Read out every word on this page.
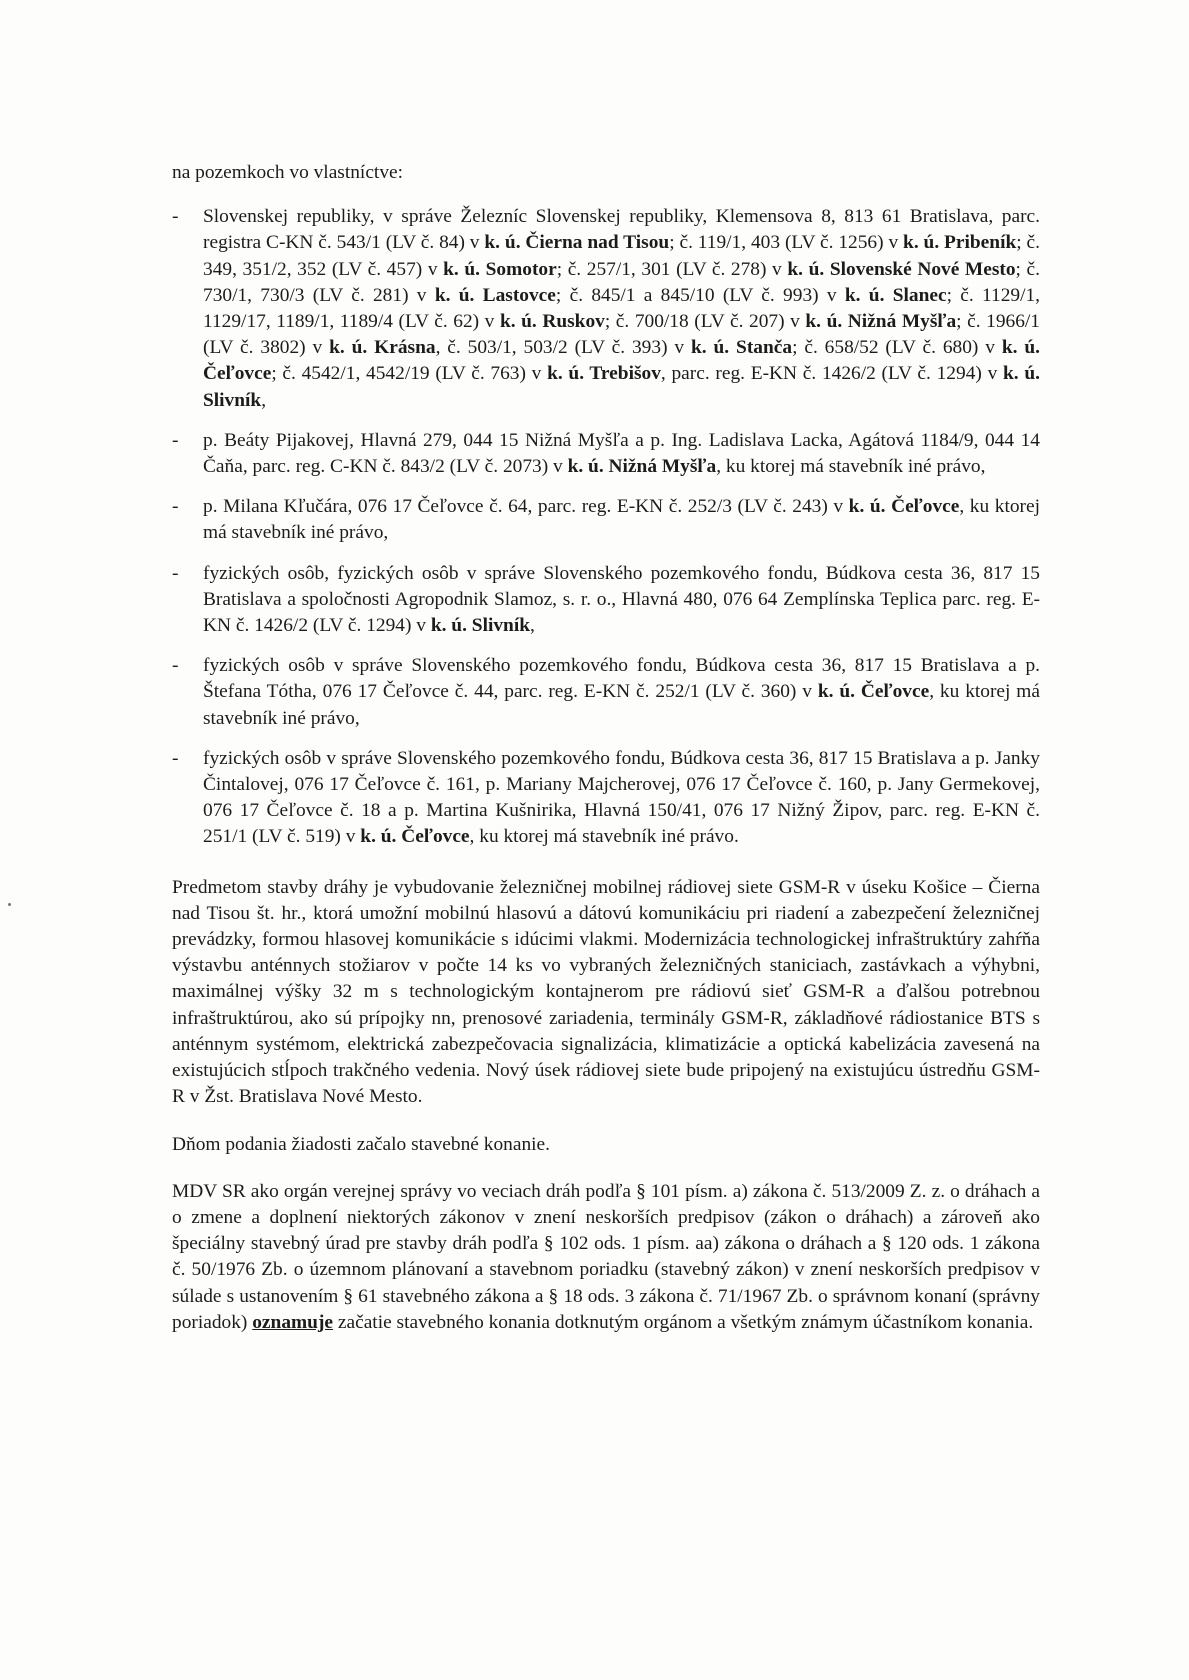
na pozemkoch vo vlastníctve:

- Slovenskej republiky, v správe Železníc Slovenskej republiky, Klemensova 8, 813 61 Bratislava, parc. registra C-KN č. 543/1 (LV č. 84) v k. ú. Čierna nad Tisou; č. 119/1, 403 (LV č. 1256) v k. ú. Pribeník; č. 349, 351/2, 352 (LV č. 457) v k. ú. Somotor; č. 257/1, 301 (LV č. 278) v k. ú. Slovenské Nové Mesto; č. 730/1, 730/3 (LV č. 281) v k. ú. Lastovce; č. 845/1 a 845/10 (LV č. 993) v k. ú. Slanec; č. 1129/1, 1129/17, 1189/1, 1189/4 (LV č. 62) v k. ú. Ruskov; č. 700/18 (LV č. 207) v k. ú. Nižná Myšľa; č. 1966/1 (LV č. 3802) v k. ú. Krásna, č. 503/1, 503/2 (LV č. 393) v k. ú. Stanča; č. 658/52 (LV č. 680) v k. ú. Čeľovce; č. 4542/1, 4542/19 (LV č. 763) v k. ú. Trebišov, parc. reg. E-KN č. 1426/2 (LV č. 1294) v k. ú. Slivník,
- p. Beáty Pijakovej, Hlavná 279, 044 15 Nižná Myšľa a p. Ing. Ladislava Lacka, Agátová 1184/9, 044 14 Čaňa, parc. reg. C-KN č. 843/2 (LV č. 2073) v k. ú. Nižná Myšľa, ku ktorej má stavebník iné právo,
- p. Milana Kľučára, 076 17 Čeľovce č. 64, parc. reg. E-KN č. 252/3 (LV č. 243) v k. ú. Čeľovce, ku ktorej má stavebník iné právo,
- fyzických osôb, fyzických osôb v správe Slovenského pozemkového fondu, Búdkova cesta 36, 817 15 Bratislava a spoločnosti Agropodnik Slamoz, s. r. o., Hlavná 480, 076 64 Zemplínska Teplica parc. reg. E-KN č. 1426/2 (LV č. 1294) v k. ú. Slivník,
- fyzických osôb v správe Slovenského pozemkového fondu, Búdkova cesta 36, 817 15 Bratislava a p. Štefana Tótha, 076 17 Čeľovce č. 44, parc. reg. E-KN č. 252/1 (LV č. 360) v k. ú. Čeľovce, ku ktorej má stavebník iné právo,
- fyzických osôb v správe Slovenského pozemkového fondu, Búdkova cesta 36, 817 15 Bratislava a p. Janky Čintalovej, 076 17 Čeľovce č. 161, p. Mariany Majcherovej, 076 17 Čeľovce č. 160, p. Jany Germekovej, 076 17 Čeľovce č. 18 a p. Martina Kušnirika, Hlavná 150/41, 076 17 Nižný Žipov, parc. reg. E-KN č. 251/1 (LV č. 519) v k. ú. Čeľovce, ku ktorej má stavebník iné právo.

Predmetom stavby dráhy je vybudovanie železničnej mobilnej rádiovej siete GSM-R v úseku Košice – Čierna nad Tisou št. hr., ktorá umožní mobilnú hlasovú a dátovú komunikáciu pri riadení a zabezpečení železničnej prevádzky, formou hlasovej komunikácie s idúcimi vlakmi. Modernizácia technologickej infraštruktúry zahŕňa výstavbu anténnych stožiarov v počte 14 ks vo vybraných železničných staniciach, zastávkach a výhybni, maximálnej výšky 32 m s technologickým kontajnerom pre rádiovú sieť GSM-R a ďalšou potrebnou infraštruktúrou, ako sú prípojky nn, prenosové zariadenia, terminály GSM-R, základňové rádiostanice BTS s anténnym systémom, elektrická zabezpečovacia signalizácia, klimatizácie a optická kabelizácia zavesená na existujúcich stĺpoch trakčného vedenia. Nový úsek rádiovej siete bude pripojený na existujúcu ústredňu GSM-R v Žst. Bratislava Nové Mesto.

Dňom podania žiadosti začalo stavebné konanie.

MDV SR ako orgán verejnej správy vo veciach dráh podľa § 101 písm. a) zákona č. 513/2009 Z. z. o dráhach a o zmene a doplnení niektorých zákonov v znení neskorších predpisov (zákon o dráhach) a zároveň ako špeciálny stavebný úrad pre stavby dráh podľa § 102 ods. 1 písm. aa) zákona o dráhach a § 120 ods. 1 zákona č. 50/1976 Zb. o územnom plánovaní a stavebnom poriadku (stavebný zákon) v znení neskorších predpisov v súlade s ustanovením § 61 stavebného zákona a § 18 ods. 3 zákona č. 71/1967 Zb. o správnom konaní (správny poriadok) oznamuje začatie stavebného konania dotknutým orgánom a všetkým známym účastníkom konania.
